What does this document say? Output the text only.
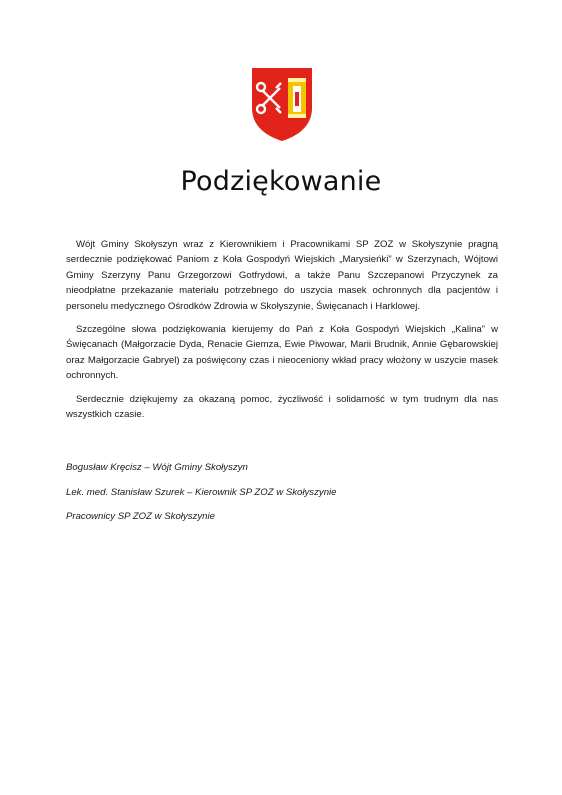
Podziękowanie

Wójt Gminy Skołyszyn wraz z Kierownikiem i Pracownikami SP ZOZ w Skołyszynie pragną serdecznie podziękować Paniom z Koła Gospodyń Wiejskich „Marysieńki” w Szerzynach, Wójtowi Gminy Szerzyny Panu Grzegorzowi Gotfrydowi, a także Panu Szczepanowi Przyczynek za nieodpłatne przekazanie materiału potrzebnego do uszycia masek ochronnych dla pacjentów i personelu medycznego Ośrodków Zdrowia w Skołyszynie, Święcanach i Harklowej.

Szczególne słowa podziękowania kierujemy do Pań z Koła Gospodyń Wiejskich „Kalina” w Święcanach (Małgorzacie Dyda, Renacie Giemza, Ewie Piwowar, Marii Brudnik, Annie Gębarowskiej oraz Małgorzacie Gabryel) za poświęcony czas i nieoceniony wkład pracy włożony w uszycie masek ochronnych.

Serdecznie dziękujemy za okazaną pomoc, życzliwość i solidarność w tym trudnym dla nas wszystkich czasie.

Bogusław Kręcisz – Wójt Gminy Skołyszyn

Lek. med. Stanisław Szurek – Kierownik SP ZOZ w Skołyszynie

Pracownicy SP ZOZ w Skołyszynie
